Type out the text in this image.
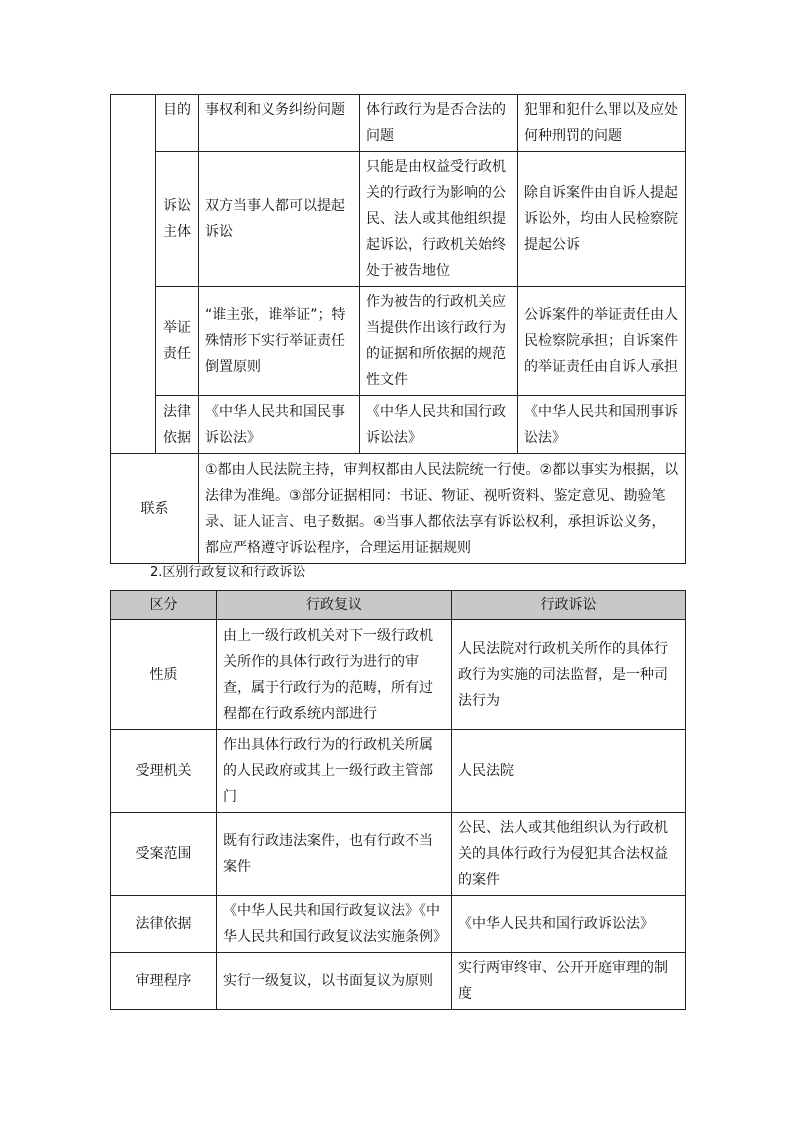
	目的	事权利和义务纠纷问题	体行政行为是否合法的问题	犯罪和犯什么罪以及应处何种刑罚的问题
	诉讼主体	双方当事人都可以提起诉讼	只能是由权益受行政机关的行政行为影响的公民、法人或其他组织提起诉讼，行政机关始终处于被告地位	除自诉案件由自诉人提起诉讼外，均由人民检察院提起公诉
	举证责任	“谁主张，谁举证”；特殊情形下实行举证责任倒置原则	作为被告的行政机关应当提供作出该行政行为的证据和所依据的规范性文件	公诉案件的举证责任由人民检察院承担；自诉案件的举证责任由自诉人承担
	法律依据	《中华人民共和国民事诉讼法》	《中华人民共和国行政诉讼法》	《中华人民共和国刑事诉讼法》
联系		①都由人民法院主持，审判权都由人民法院统一行使。②都以事实为根据，以法律为准绳。③部分证据相同：书证、物证、视听资料、鉴定意见、勘验笔录、证人证言、电子数据。④当事人都依法享有诉讼权利，承担诉讼义务，都应严格遵守诉讼程序，合理运用证据规则		
2.区别行政复议和行政诉讼
区分	行政复议	行政诉讼
性质	由上一级行政机关对下一级行政机关所作的具体行政行为进行的审查，属于行政行为的范畴，所有过程都在行政系统内部进行	人民法院对行政机关所作的具体行政行为实施的司法监督，是一种司法行为
受理机关	作出具体行政行为的行政机关所属的人民政府或其上一级行政主管部门	人民法院
受案范围	既有行政违法案件，也有行政不当案件	公民、法人或其他组织认为行政机关的具体行政行为侵犯其合法权益的案件
法律依据	《中华人民共和国行政复议法》《中华人民共和国行政复议法实施条例》	《中华人民共和国行政诉讼法》
审理程序	实行一级复议，以书面复议为原则	实行两审终审、公开开庭审理的制度
